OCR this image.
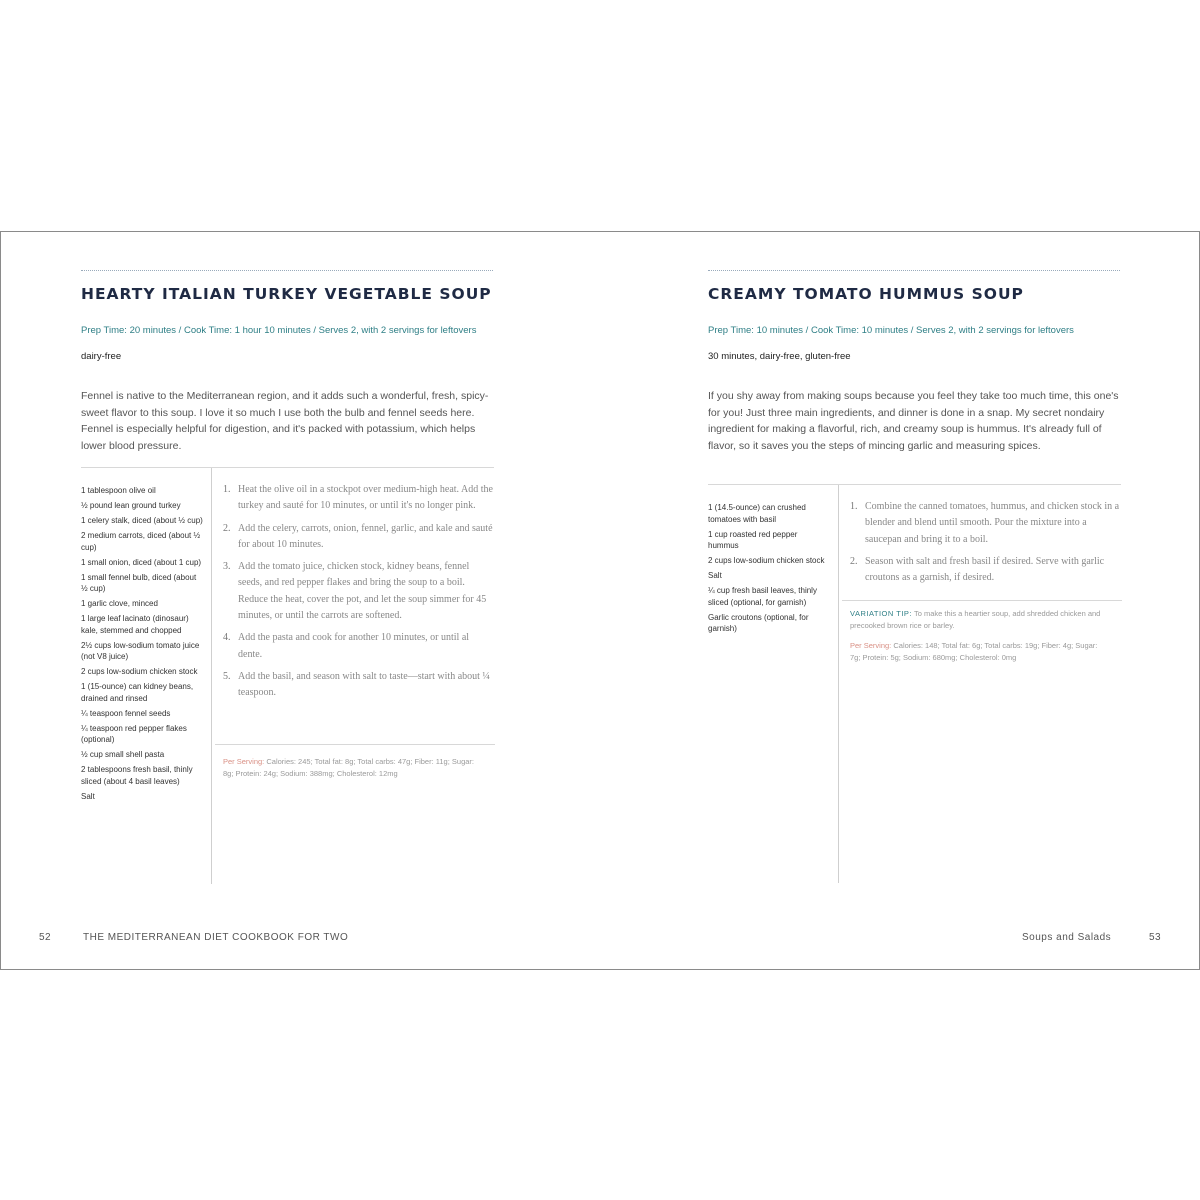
HEARTY ITALIAN TURKEY VEGETABLE SOUP
Prep Time: 20 minutes / Cook Time: 1 hour 10 minutes / Serves 2, with 2 servings for leftovers
dairy-free
Fennel is native to the Mediterranean region, and it adds such a wonderful, fresh, spicy-sweet flavor to this soup. I love it so much I use both the bulb and fennel seeds here. Fennel is especially helpful for digestion, and it's packed with potassium, which helps lower blood pressure.
1 tablespoon olive oil
½ pound lean ground turkey
1 celery stalk, diced (about ½ cup)
2 medium carrots, diced (about ½ cup)
1 small onion, diced (about 1 cup)
1 small fennel bulb, diced (about ½ cup)
1 garlic clove, minced
1 large leaf lacinato (dinosaur) kale, stemmed and chopped
2½ cups low-sodium tomato juice (not V8 juice)
2 cups low-sodium chicken stock
1 (15-ounce) can kidney beans, drained and rinsed
¼ teaspoon fennel seeds
¼ teaspoon red pepper flakes (optional)
½ cup small shell pasta
2 tablespoons fresh basil, thinly sliced (about 4 basil leaves)
Salt
1. Heat the olive oil in a stockpot over medium-high heat. Add the turkey and sauté for 10 minutes, or until it's no longer pink.
2. Add the celery, carrots, onion, fennel, garlic, and kale and sauté for about 10 minutes.
3. Add the tomato juice, chicken stock, kidney beans, fennel seeds, and red pepper flakes and bring the soup to a boil. Reduce the heat, cover the pot, and let the soup simmer for 45 minutes, or until the carrots are softened.
4. Add the pasta and cook for another 10 minutes, or until al dente.
5. Add the basil, and season with salt to taste—start with about ¼ teaspoon.
Per Serving: Calories: 245; Total fat: 8g; Total carbs: 47g; Fiber: 11g; Sugar: 8g; Protein: 24g; Sodium: 388mg; Cholesterol: 12mg
52	THE MEDITERRANEAN DIET COOKBOOK FOR TWO
CREAMY TOMATO HUMMUS SOUP
Prep Time: 10 minutes / Cook Time: 10 minutes / Serves 2, with 2 servings for leftovers
30 minutes, dairy-free, gluten-free
If you shy away from making soups because you feel they take too much time, this one's for you! Just three main ingredients, and dinner is done in a snap. My secret nondairy ingredient for making a flavorful, rich, and creamy soup is hummus. It's already full of flavor, so it saves you the steps of mincing garlic and measuring spices.
1 (14.5-ounce) can crushed tomatoes with basil
1 cup roasted red pepper hummus
2 cups low-sodium chicken stock
Salt
¼ cup fresh basil leaves, thinly sliced (optional, for garnish)
Garlic croutons (optional, for garnish)
1. Combine the canned tomatoes, hummus, and chicken stock in a blender and blend until smooth. Pour the mixture into a saucepan and bring it to a boil.
2. Season with salt and fresh basil if desired. Serve with garlic croutons as a garnish, if desired.
VARIATION TIP: To make this a heartier soup, add shredded chicken and precooked brown rice or barley.
Per Serving: Calories: 148; Total fat: 6g; Total carbs: 19g; Fiber: 4g; Sugar: 7g; Protein: 5g; Sodium: 680mg; Cholesterol: 0mg
Soups and Salads	53
